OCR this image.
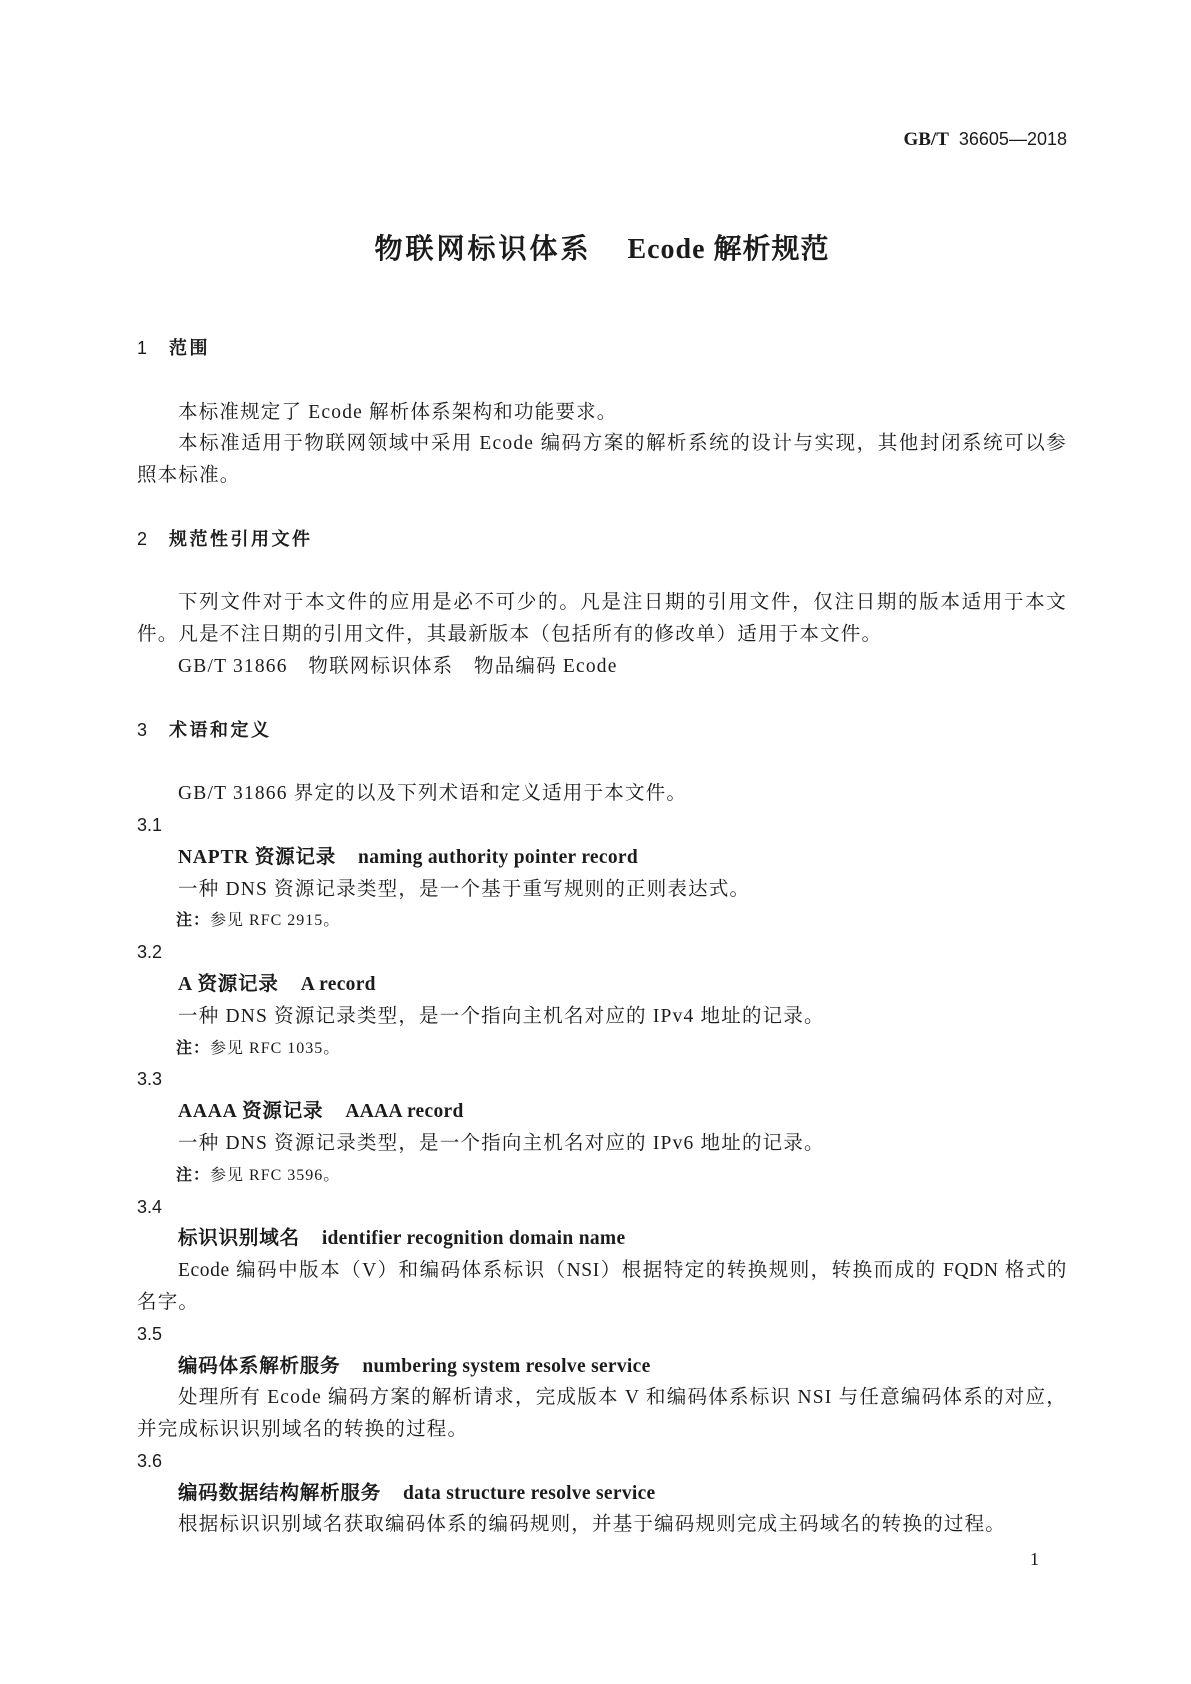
GB/T 36605—2018
物联网标识体系 Ecode 解析规范
1 范围
本标准规定了 Ecode 解析体系架构和功能要求。
本标准适用于物联网领域中采用 Ecode 编码方案的解析系统的设计与实现，其他封闭系统可以参
照本标准。
2 规范性引用文件
下列文件对于本文件的应用是必不可少的。凡是注日期的引用文件，仅注日期的版本适用于本文
件。凡是不注日期的引用文件，其最新版本（包括所有的修改单）适用于本文件。
GB/T 31866　物联网标识体系　物品编码 Ecode
3 术语和定义
GB/T 31866 界定的以及下列术语和定义适用于本文件。
3.1
NAPTR 资源记录 naming authority pointer record
一种 DNS 资源记录类型，是一个基于重写规则的正则表达式。
注：参见 RFC 2915。
3.2
A 资源记录 A record
一种 DNS 资源记录类型，是一个指向主机名对应的 IPv4 地址的记录。
注：参见 RFC 1035。
3.3
AAAA 资源记录 AAAA record
一种 DNS 资源记录类型，是一个指向主机名对应的 IPv6 地址的记录。
注：参见 RFC 3596。
3.4
标识识别域名 identifier recognition domain name
Ecode 编码中版本（V）和编码体系标识（NSI）根据特定的转换规则，转换而成的 FQDN 格式的
名字。
3.5
编码体系解析服务 numbering system resolve service
处理所有 Ecode 编码方案的解析请求，完成版本 V 和编码体系标识 NSI 与任意编码体系的对应，
并完成标识识别域名的转换的过程。
3.6
编码数据结构解析服务 data structure resolve service
根据标识识别域名获取编码体系的编码规则，并基于编码规则完成主码域名的转换的过程。
1
